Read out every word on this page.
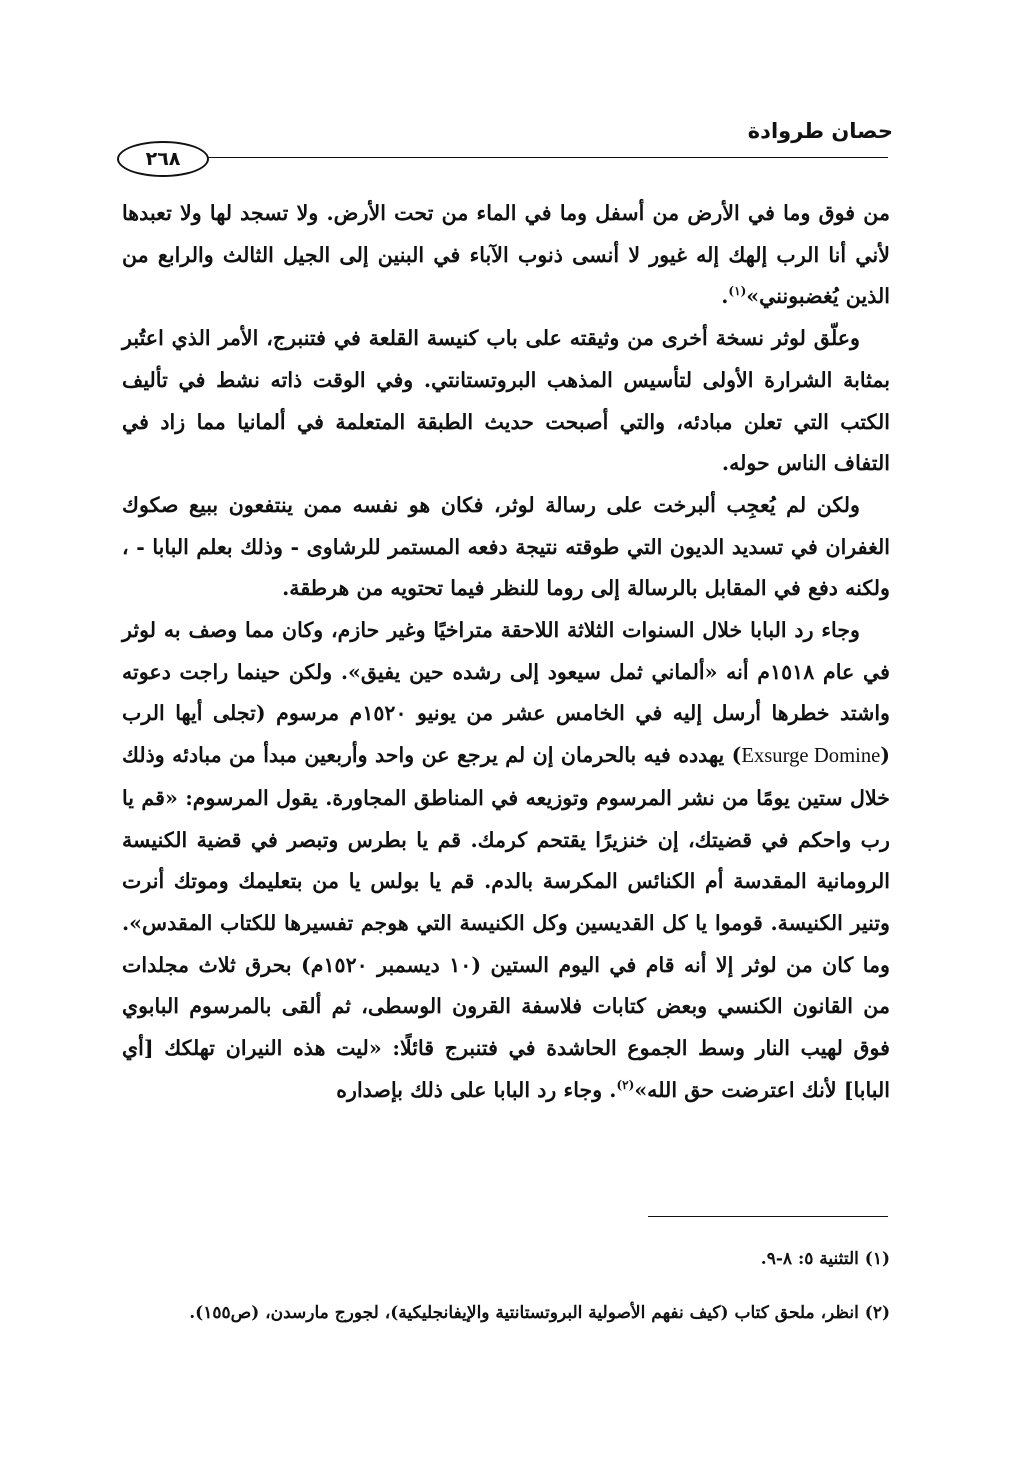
حصان طروادة
٢٦٨

من فوق وما في الأرض من أسفل وما في الماء من تحت الأرض. ولا تسجد لها ولا تعبدها لأني أنا الرب إلهك إله غيور لا أنسى ذنوب الآباء في البنين إلى الجيل الثالث والرابع من الذين يُغضبونني»$^{(١)}$.

وعلّق لوثر نسخة أخرى من وثيقته على باب كنيسة القلعة في فتنبرج، الأمر الذي اعتُبر بمثابة الشرارة الأولى لتأسيس المذهب البروتستانتي. وفي الوقت ذاته نشط في تأليف الكتب التي تعلن مبادئه، والتي أصبحت حديث الطبقة المتعلمة في ألمانيا مما زاد في التفاف الناس حوله.

ولكن لم يُعجِب ألبرخت على رسالة لوثر، فكان هو نفسه ممن ينتفعون ببيع صكوك الغفران في تسديد الديون التي طوقته نتيجة دفعه المستمر للرشاوى - وذلك بعلم البابا - ، ولكنه دفع في المقابل بالرسالة إلى روما للنظر فيما تحتويه من هرطقة.

وجاء رد البابا خلال السنوات الثلاثة اللاحقة متراخيًا وغير حازم، وكان مما وصف به لوثر في عام ١٥١٨م أنه «ألماني ثمل سيعود إلى رشده حين يفيق». ولكن حينما راجت دعوته واشتد خطرها أرسل إليه في الخامس عشر من يونيو ١٥٢٠م مرسوم (تجلى أيها الرب (Exsurge Domine) يهدده فيه بالحرمان إن لم يرجع عن واحد وأربعين مبدأ من مبادئه وذلك خلال ستين يومًا من نشر المرسوم وتوزيعه في المناطق المجاورة. يقول المرسوم: «قم يا رب واحكم في قضيتك، إن خنزيرًا يقتحم كرمك. قم يا بطرس وتبصر في قضية الكنيسة الرومانية المقدسة أم الكنائس المكرسة بالدم. قم يا بولس يا من بتعليمك وموتك أنرت وتنير الكنيسة. قوموا يا كل القديسين وكل الكنيسة التي هوجم تفسيرها للكتاب المقدس». وما كان من لوثر إلا أنه قام في اليوم الستين (١٠ ديسمبر ١٥٢٠م) بحرق ثلاث مجلدات من القانون الكنسي وبعض كتابات فلاسفة القرون الوسطى، ثم ألقى بالمرسوم البابوي فوق لهيب النار وسط الجموع الحاشدة في فتنبرج قائلًا: «ليت هذه النيران تهلكك [أي البابا] لأنك اعترضت حق الله»$^{(٢)}$. وجاء رد البابا على ذلك بإصداره

(١) التثنية ٥: ٨-٩.

(٢) انظر، ملحق كتاب (كيف نفهم الأصولية البروتستانتية والإيفانجليكية)، لجورج مارسدن، (ص١٥٥).
